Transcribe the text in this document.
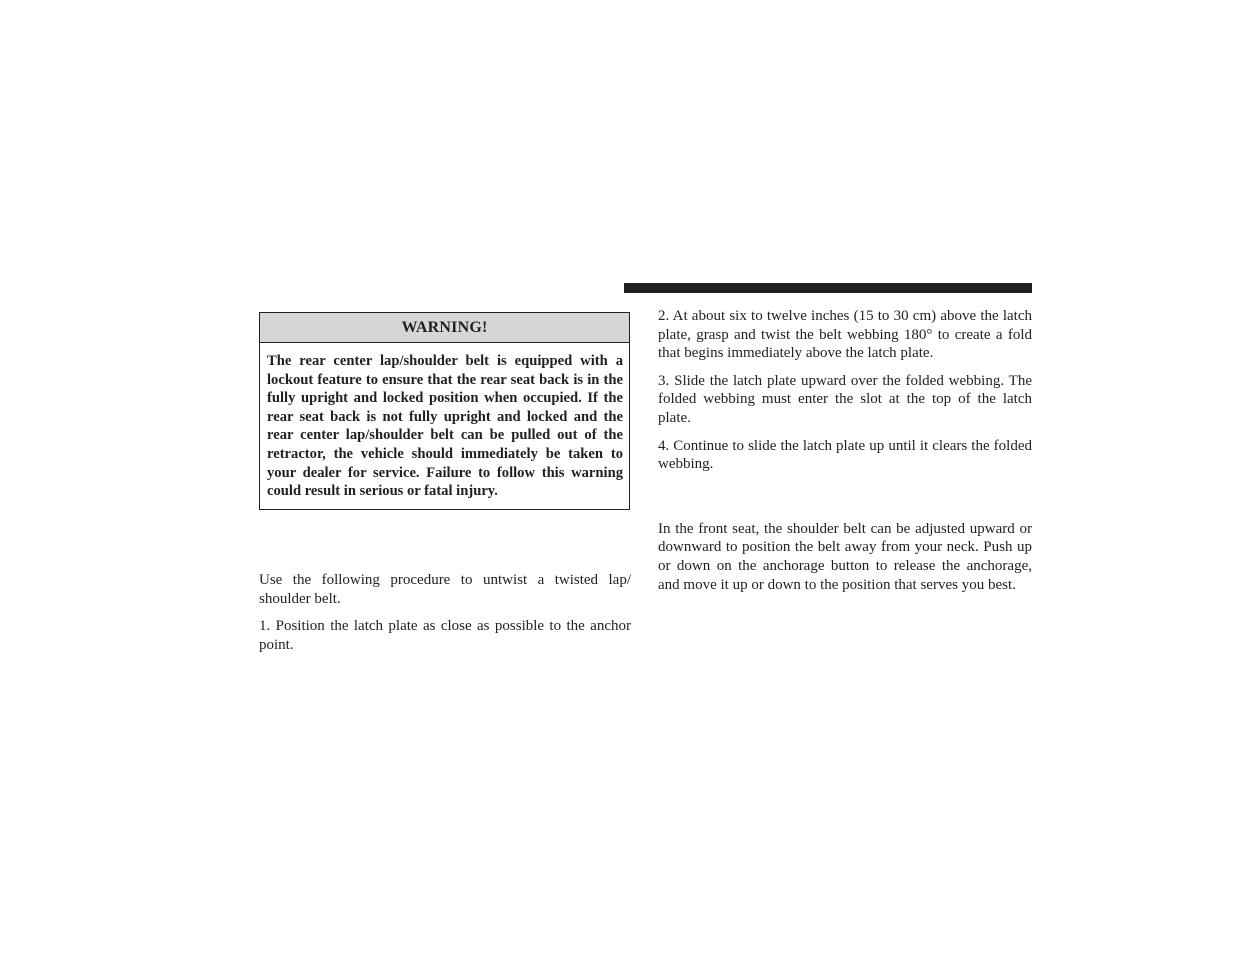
WARNING!
The rear center lap/shoulder belt is equipped with a lockout feature to ensure that the rear seat back is in the fully upright and locked position when occupied. If the rear seat back is not fully upright and locked and the rear center lap/shoulder belt can be pulled out of the retractor, the vehicle should immediately be taken to your dealer for service. Failure to follow this warning could result in serious or fatal injury.

Use the following procedure to untwist a twisted lap/ shoulder belt.

1. Position the latch plate as close as possible to the anchor point.

2. At about six to twelve inches (15 to 30 cm) above the latch plate, grasp and twist the belt webbing 180° to create a fold that begins immediately above the latch plate.

3. Slide the latch plate upward over the folded webbing. The folded webbing must enter the slot at the top of the latch plate.

4. Continue to slide the latch plate up until it clears the folded webbing.

In the front seat, the shoulder belt can be adjusted upward or downward to position the belt away from your neck. Push up or down on the anchorage button to release the anchorage, and move it up or down to the position that serves you best.
